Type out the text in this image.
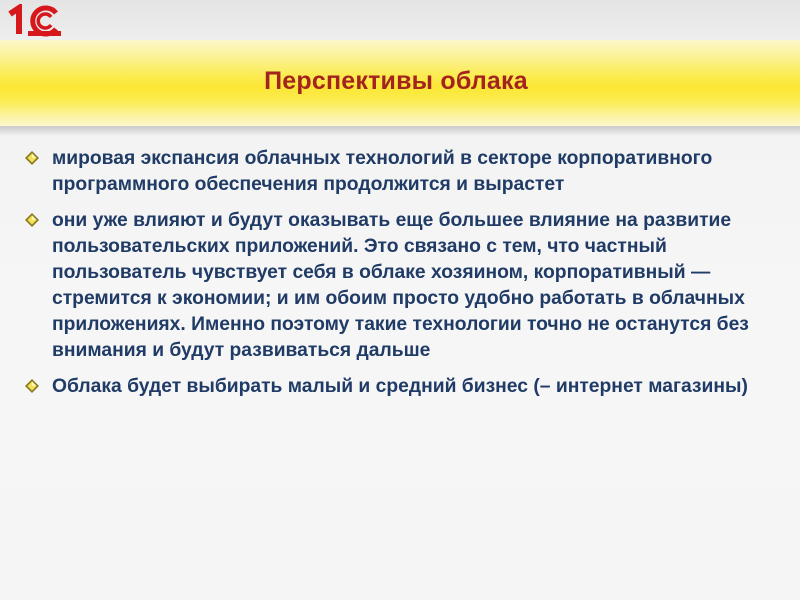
1С
Перспективы облака

мировая экспансия облачных технологий в секторе корпоративного программного обеспечения продолжится и вырастет

они уже влияют и будут оказывать еще большее влияние на развитие пользовательских приложений. Это связано с тем, что частный пользователь чувствует себя в облаке хозяином, корпоративный — стремится к экономии; и им обоим просто удобно работать в облачных приложениях. Именно поэтому такие технологии точно не останутся без внимания и будут развиваться дальше

Облака будет выбирать малый и средний бизнес (– интернет магазины)
